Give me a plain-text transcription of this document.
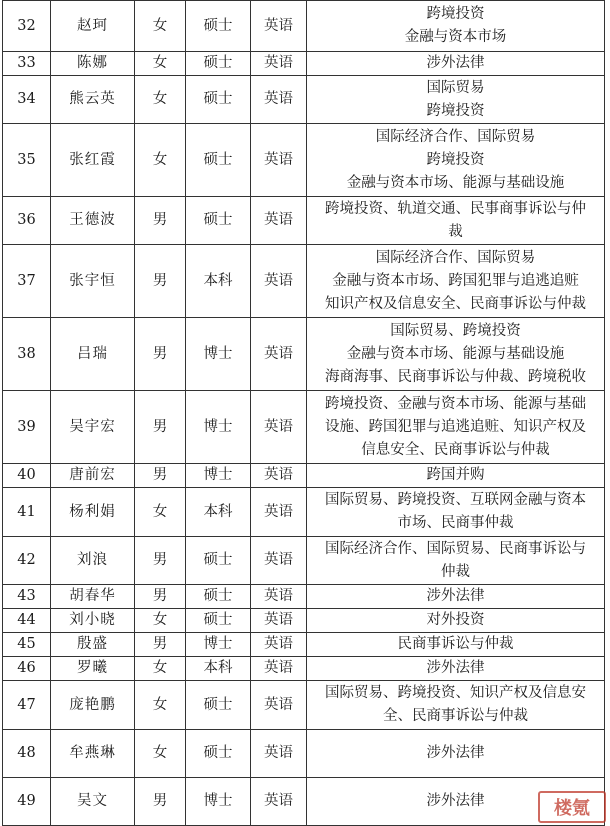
32	赵珂	女	硕士	英语	跨境投资
金融与资本市场

33	陈娜	女	硕士	英语	涉外法律

34	熊云英	女	硕士	英语	国际贸易
跨境投资

35	张红霞	女	硕士	英语	国际经济合作、国际贸易
跨境投资
金融与资本市场、能源与基础设施

36	王德波	男	硕士	英语	跨境投资、轨道交通、民事商事诉讼与仲
裁

37	张宇恒	男	本科	英语	国际经济合作、国际贸易
金融与资本市场、跨国犯罪与追逃追赃
知识产权及信息安全、民商事诉讼与仲裁

38	吕瑞	男	博士	英语	国际贸易、跨境投资
金融与资本市场、能源与基础设施
海商海事、民商事诉讼与仲裁、跨境税收

39	吴宇宏	男	博士	英语	跨境投资、金融与资本市场、能源与基础
设施、跨国犯罪与追逃追赃、知识产权及
信息安全、民商事诉讼与仲裁

40	唐前宏	男	博士	英语	跨国并购

41	杨利娟	女	本科	英语	国际贸易、跨境投资、互联网金融与资本
市场、民商事仲裁

42	刘浪	男	硕士	英语	国际经济合作、国际贸易、民商事诉讼与
仲裁

43	胡春华	男	硕士	英语	涉外法律

44	刘小晓	女	硕士	英语	对外投资

45	殷盛	男	博士	英语	民商事诉讼与仲裁

46	罗曦	女	本科	英语	涉外法律

47	庞艳鹏	女	硕士	英语	国际贸易、跨境投资、知识产权及信息安
全、民商事诉讼与仲裁

48	牟燕琳	女	硕士	英语	涉外法律

49	吴文	男	博士	英语	涉外法律	楼氪
